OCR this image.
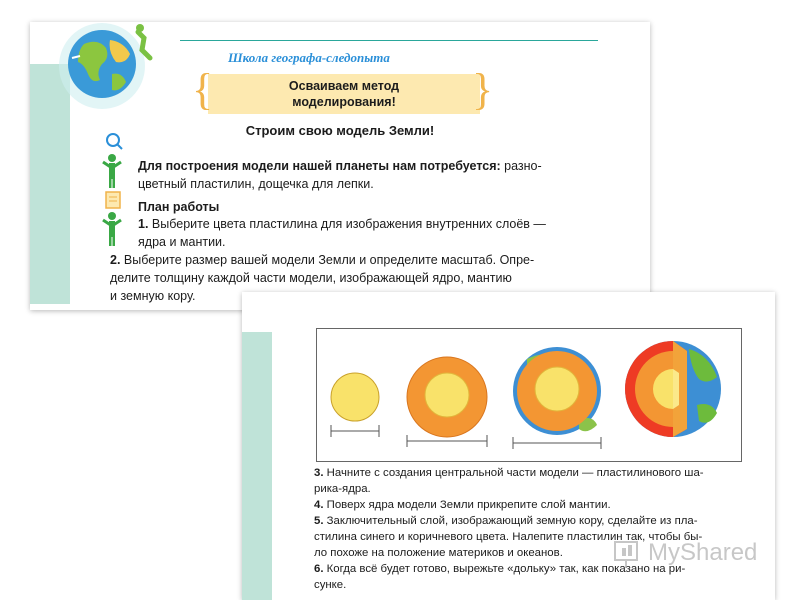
Школа географа-следопыта
{	}
Осваиваем метод
моделирования!
Строим свою модель Земли!
Для построения модели нашей планеты нам потребуется: разно-
цветный пластилин, дощечка для лепки.
План работы
1. Выберите цвета пластилина для изображения внутренних слоёв —
ядра и мантии.
2. Выберите размер вашей модели Земли и определите масштаб. Опре-
делите толщину каждой части модели, изображающей ядро, мантию
и земную кору.

3. Начните с создания центральной части модели — пластилинового ша-

рика-ядра.

4. Поверх ядра модели Земли прикрепите слой мантии.

5. Заключительный слой, изображающий земную кору, сделайте из пла-

стилина синего и коричневого цвета. Налепите пластилин так, чтобы бы-

ло похоже на положение материков и океанов.

6. Когда всё будет готово, вырежьте «дольку» так, как показано на ри-

сунке.

MyShared
